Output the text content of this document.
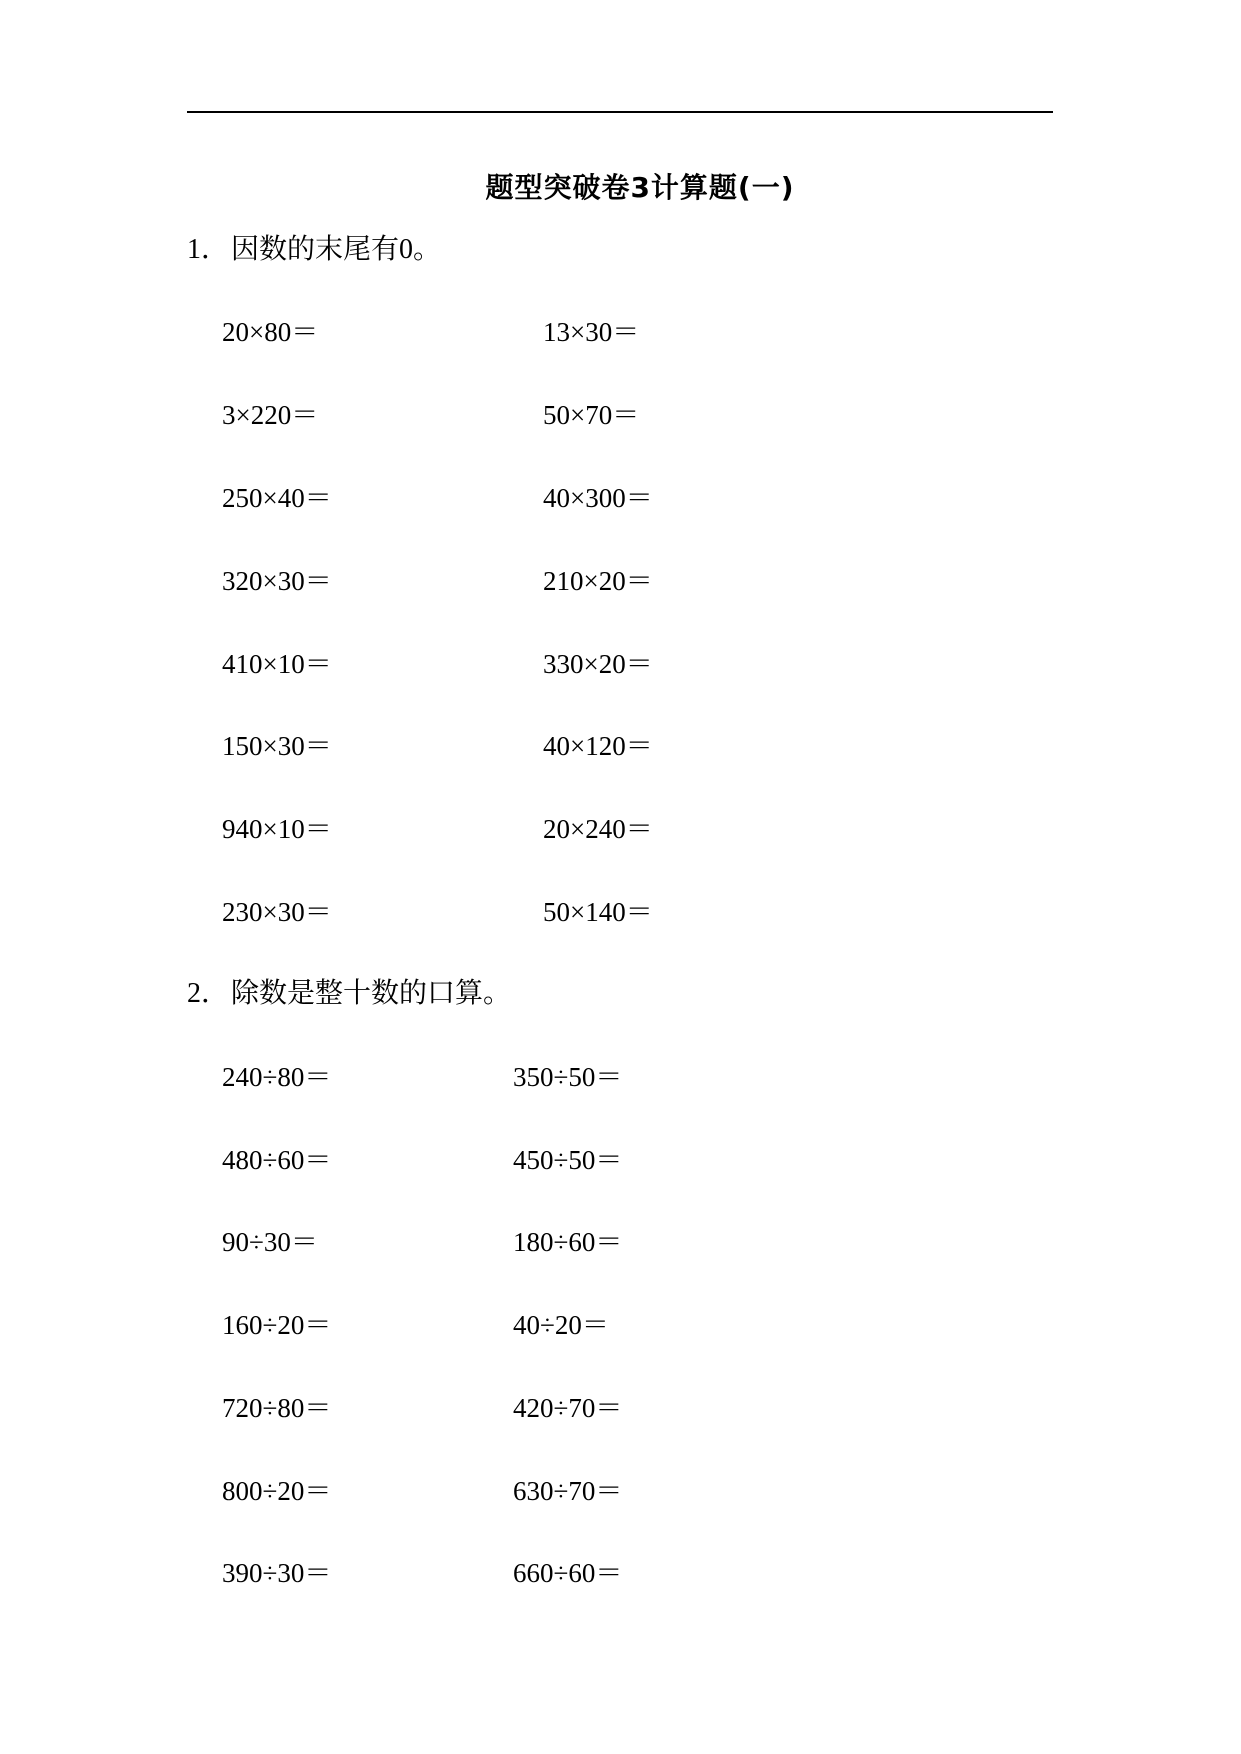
题型突破卷3计算题(一)
1．因数的末尾有0。
20×80＝	13×30＝
3×220＝	50×70＝
250×40＝	40×300＝
320×30＝	210×20＝
410×10＝	330×20＝
150×30＝	40×120＝
940×10＝	20×240＝
230×30＝	50×140＝
2．除数是整十数的口算。
240÷80＝	350÷50＝
480÷60＝	450÷50＝
90÷30＝	180÷60＝
160÷20＝	40÷20＝
720÷80＝	420÷70＝
800÷20＝	630÷70＝
390÷30＝	660÷60＝
